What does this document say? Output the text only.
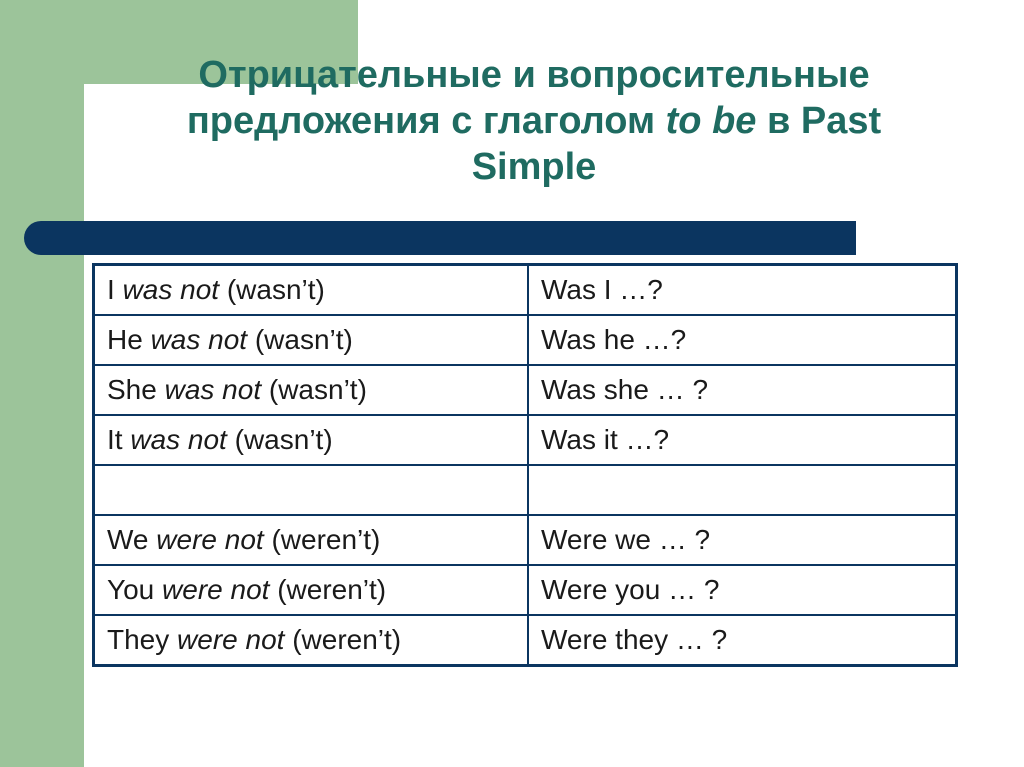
Отрицательные и вопросительные
предложения с глаголом to be в Past
Simple
I was not (wasn’t)	Was I …?
He was not (wasn’t)	Was he …?
She was not (wasn’t)	Was she … ?
It was not (wasn’t)	Was it …?

We were not (weren’t)	Were we … ?
You were not (weren’t)	Were you … ?
They were not (weren’t)	Were they … ?
